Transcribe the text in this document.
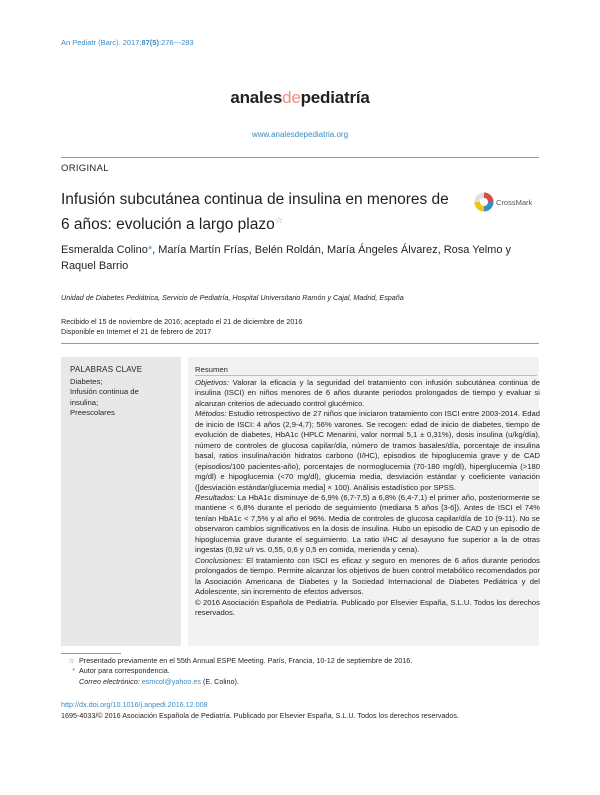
An Pediatr (Barc). 2017;87(5):276---283
analesdepediatría
www.analesdepediatria.org
ORIGINAL
Infusión subcutánea continua de insulina en menores de 6 años: evolución a largo plazo☆
CrossMark
Esmeralda Colino*, María Martín Frías, Belén Roldán, María Ángeles Álvarez, Rosa Yelmo y Raquel Barrio
Unidad de Diabetes Pediátrica, Servicio de Pediatría, Hospital Universitario Ramón y Cajal, Madrid, España
Recibido el 15 de noviembre de 2016; aceptado el 21 de diciembre de 2016
Disponible en Internet el 21 de febrero de 2017
PALABRAS CLAVE
Diabetes;
Infusión continua de
insulina;
Preescolares
Resumen

Objetivos: Valorar la eficacia y la seguridad del tratamiento con infusión subcutánea continua de insulina (ISCI) en niños menores de 6 años durante periodos prolongados de tiempo y evaluar si alcanzan criterios de adecuado control glucémico.

Métodos: Estudio retrospectivo de 27 niños que iniciaron tratamiento con ISCI entre 2003-2014. Edad de inicio de ISCI: 4 años (2,9-4,7); 56% varones. Se recogen: edad de inicio de diabetes, tiempo de evolución de diabetes, HbA1c (HPLC Menarini, valor normal 5,1 ± 0,31%), dosis insulina (u/kg/día), número de controles de glucosa capilar/día, número de tramos basales/día, porcentaje de insulina basal, ratios insulina/ración hidratos carbono (I/HC), episodios de hipoglucemia grave y de CAD (episodios/100 pacientes-año), porcentajes de normoglucemia (70-180 mg/dl), hiperglucemia (>180 mg/dl) e hipoglucemia (<70 mg/dl), glucemia media, desviación estándar y coeficiente variación ([desviación estándar/glucemia media] × 100). Análisis estadístico por SPSS.

Resultados: La HbA1c disminuye de 6,9% (6,7-7,5) a 6,8% (6,4-7,1) el primer año, posteriormente se mantiene < 6,8% durante el periodo de seguimiento (mediana 5 años [3-6]). Antes de ISCI el 74% tenían HbA1c < 7,5% y al año el 96%. Media de controles de glucosa capilar/día de 10 (9-11). No se observaron cambios significativos en la dosis de insulina. Hubo un episodio de CAD y un episodio de hipoglucemia grave durante el seguimiento. La ratio I/HC al desayuno fue superior a la de otras ingestas (0,92 u/r vs. 0,55, 0,6 y 0,5 en comida, merienda y cena).

Conclusiones: El tratamiento con ISCI es eficaz y seguro en menores de 6 años durante periodos prolongados de tiempo. Permite alcanzar los objetivos de buen control metabólico recomendados por la Asociación Americana de Diabetes y la Sociedad Internacional de Diabetes Pediátrica y del Adolescente, sin incremento de efectos adversos.

© 2016 Asociación Española de Pediatría. Publicado por Elsevier España, S.L.U. Todos los derechos reservados.

☆ Presentado previamente en el 55th Annual ESPE Meeting. París, Francia, 10-12 de septiembre de 2016.
* Autor para correspondencia.
Correo electrónico: esmcol@yahoo.es (E. Colino).
http://dx.doi.org/10.1016/j.anpedi.2016.12.008
1695-4033/© 2016 Asociación Española de Pediatría. Publicado por Elsevier España, S.L.U. Todos los derechos reservados.
